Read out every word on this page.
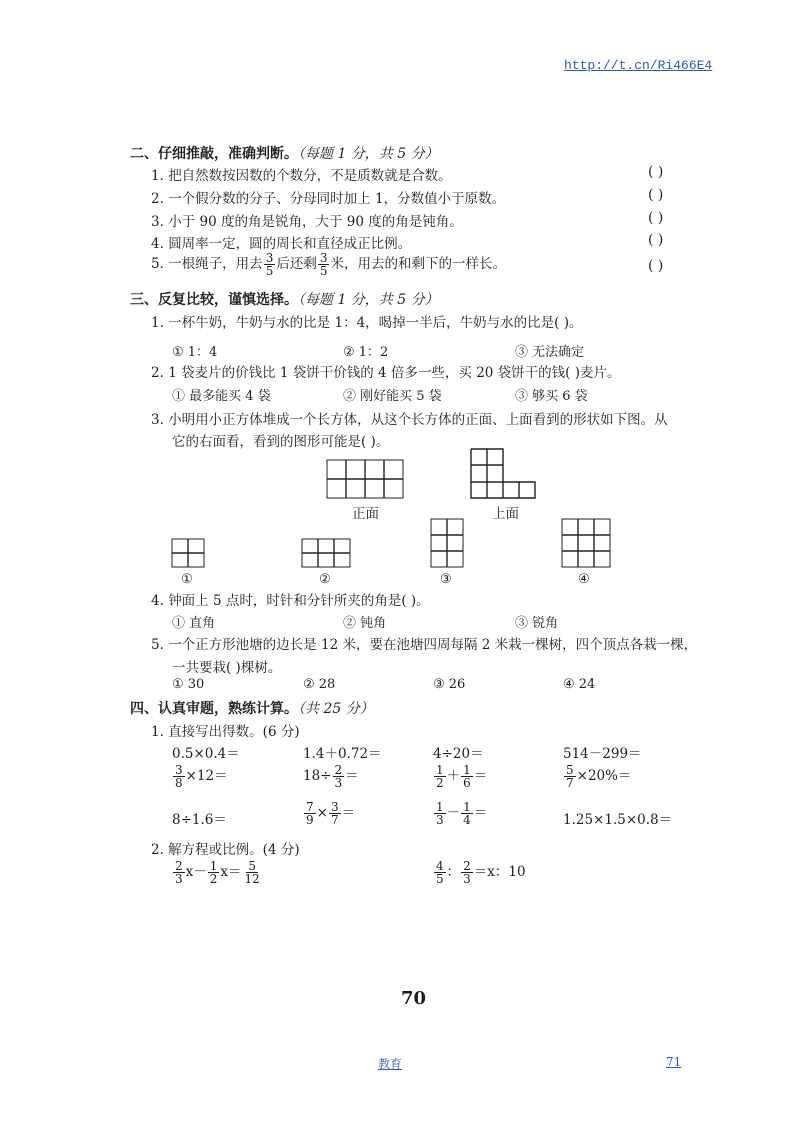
http://t.cn/Ri466E4
二、仔细推敲，准确判断。（每题 1 分，共 5 分）
1. 把自然数按因数的个数分，不是质数就是合数。	( )
2. 一个假分数的分子、分母同时加上 1，分数值小于原数。	( )
3. 小于 90 度的角是锐角，大于 90 度的角是钝角。	( )
4. 圆周率一定，圆的周长和直径成正比例。	( )
5. 一根绳子，用去 $\frac{3}{5}$ 后还剩 $\frac{3}{5}$ 米，用去的和剩下的一样长。	( )
三、反复比较，谨慎选择。（每题 1 分，共 5 分）
1. 一杯牛奶，牛奶与水的比是 1：4，喝掉一半后，牛奶与水的比是( )。
① 1：4	② 1：2	③ 无法确定
2. 1 袋麦片的价钱比 1 袋饼干价钱的 4 倍多一些，买 20 袋饼干的钱( )麦片。
① 最多能买 4 袋	② 刚好能买 5 袋	③ 够买 6 袋
3. 小明用小正方体堆成一个长方体，从这个长方体的正面、上面看到的形状如下图。从
它的右面看，看到的图形可能是( )。
正面	上面
①	②	③	④
4. 钟面上 5 点时，时针和分针所夹的角是( )。
① 直角	② 钝角	③ 锐角
5. 一个正方形池塘的边长是 12 米，要在池塘四周每隔 2 米栽一棵树，四个顶点各栽一棵，
一共要栽( )棵树。
① 30	② 28	③ 26	④ 24
四、认真审题，熟练计算。（共 25 分）
1. 直接写出得数。(6 分)
0.5×0.4＝	1.4＋0.72＝	4÷20＝	514－299＝
$\frac{3}{8} \times 12=$	$18\div \frac{2}{3}$ ＝	$\frac{1}{2} + \frac{1}{6}$ ＝	$\frac{5}{7} \times 20\%=$
8÷1.6＝	$\frac{7}{9} \times \frac{3}{7}$ ＝	$\frac{1}{3} - \frac{1}{4}$ ＝	1.25×1.5×0.8＝
2. 解方程或比例。(4 分)
$\frac{2}{3} x- \frac{1}{2} x= \frac{5}{12}$	$\frac{4}{5}$ ： $\frac{2}{3} =x$：10
70
教育	71
